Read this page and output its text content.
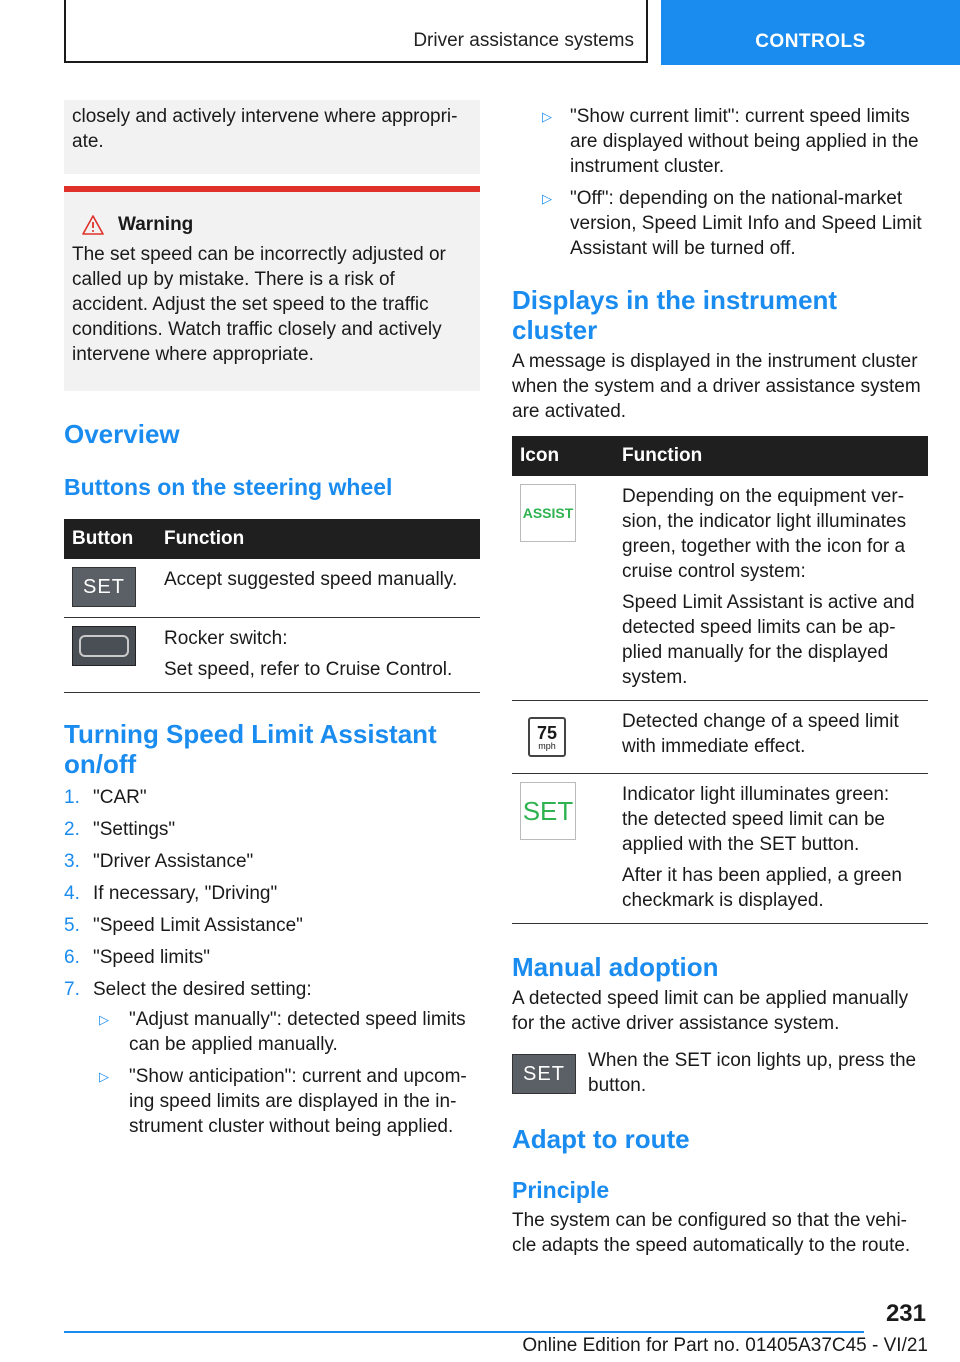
Driver assistance systems	CONTROLS

closely and actively intervene where appropri-ate.

Warning

The set speed can be incorrectly adjusted or called up by mistake. There is a risk of accident. Adjust the set speed to the traffic conditions. Watch traffic closely and actively intervene where appropriate.

Overview
Buttons on the steering wheel
Button	Function

SET	Accept suggested speed manually.

	Rocker switch:

Set speed, refer to Cruise Control.

Turning Speed Limit Assistant on/off
1. "CAR"
2. "Settings"
3. "Driver Assistance"
4. If necessary, "Driving"
5. "Speed Limit Assistance"
6. "Speed limits"
7. Select the desired setting:
▷	"Adjust manually": detected speed limits can be applied manually.
▷	"Show anticipation": current and upcom-ing speed limits are displayed in the in-strument cluster without being applied.
▷ "Show current limit": current speed limits are displayed without being applied in the instrument cluster.
▷ "Off": depending on the national-market version, Speed Limit Info and Speed Limit Assistant will be turned off.
Displays in the instrument cluster

A message is displayed in the instrument cluster when the system and a driver assistance system are activated.

Icon	Function

ASSIST	Depending on the equipment ver-sion, the indicator light illuminates green, together with the icon for a cruise control system:

Speed Limit Assistant is active and detected speed limits can be ap-plied manually for the displayed system.

75
mph	Detected change of a speed limit with immediate effect.

SET	Indicator light illuminates green: the detected speed limit can be applied with the SET button.

After it has been applied, a green checkmark is displayed.

Manual adoption

A detected speed limit can be applied manually for the active driver assistance system.

SET

When the SET icon lights up, press the button.

Adapt to route
Principle

The system can be configured so that the vehi-cle adapts the speed automatically to the route.

231
Online Edition for Part no. 01405A37C45 - VI/21
